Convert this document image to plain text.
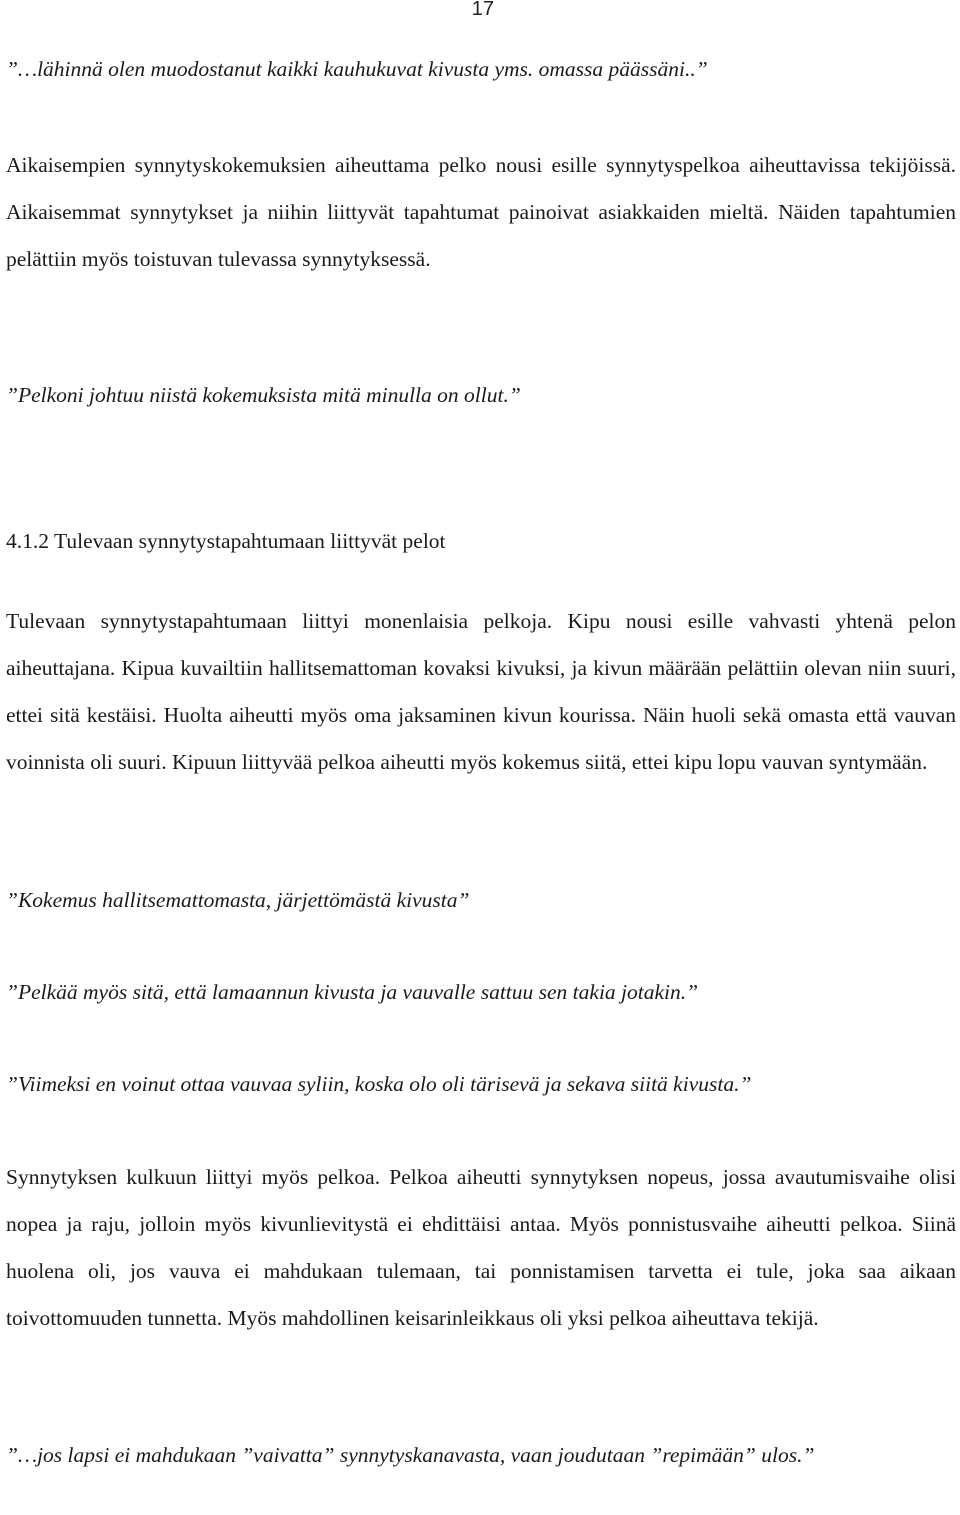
17
”…lähinnä olen muodostanut kaikki kauhukuvat kivusta yms. omassa päässäni..”
Aikaisempien synnytyskokemuksien aiheuttama pelko nousi esille synnytyspelkoa aiheuttavissa tekijöissä. Aikaisemmat synnytykset ja niihin liittyvät tapahtumat painoivat asiakkaiden mieltä. Näiden tapahtumien pelättiin myös toistuvan tulevassa synnytyksessä.
”Pelkoni johtuu niistä kokemuksista mitä minulla on ollut.”
4.1.2 Tulevaan synnytystapahtumaan liittyvät pelot
Tulevaan synnytystapahtumaan liittyi monenlaisia pelkoja. Kipu nousi esille vahvasti yhtenä pelon aiheuttajana. Kipua kuvailtiin hallitsemattoman kovaksi kivuksi, ja kivun määrään pelättiin olevan niin suuri, ettei sitä kestäisi. Huolta aiheutti myös oma jaksaminen kivun kourissa. Näin huoli sekä omasta että vauvan voinnista oli suuri. Kipuun liittyvää pelkoa aiheutti myös kokemus siitä, ettei kipu lopu vauvan syntymään.
”Kokemus hallitsemattomasta, järjettömästä kivusta”
”Pelkää myös sitä, että lamaannun kivusta ja vauvalle sattuu sen takia jotakin.”
”Viimeksi en voinut ottaa vauvaa syliin, koska olo oli tärisevä ja sekava siitä kivusta.”
Synnytyksen kulkuun liittyi myös pelkoa. Pelkoa aiheutti synnytyksen nopeus, jossa avautumisvaihe olisi nopea ja raju, jolloin myös kivunlievitystä ei ehdittäisi antaa. Myös ponnistusvaihe aiheutti pelkoa. Siinä huolena oli, jos vauva ei mahdukaan tulemaan, tai ponnistamisen tarvetta ei tule, joka saa aikaan toivottomuuden tunnetta. Myös mahdollinen keisarinleikkaus oli yksi pelkoa aiheuttava tekijä.
”…jos lapsi ei mahdukaan ”vaivatta” synnytyskanavasta, vaan joudutaan ”repimään” ulos.”
